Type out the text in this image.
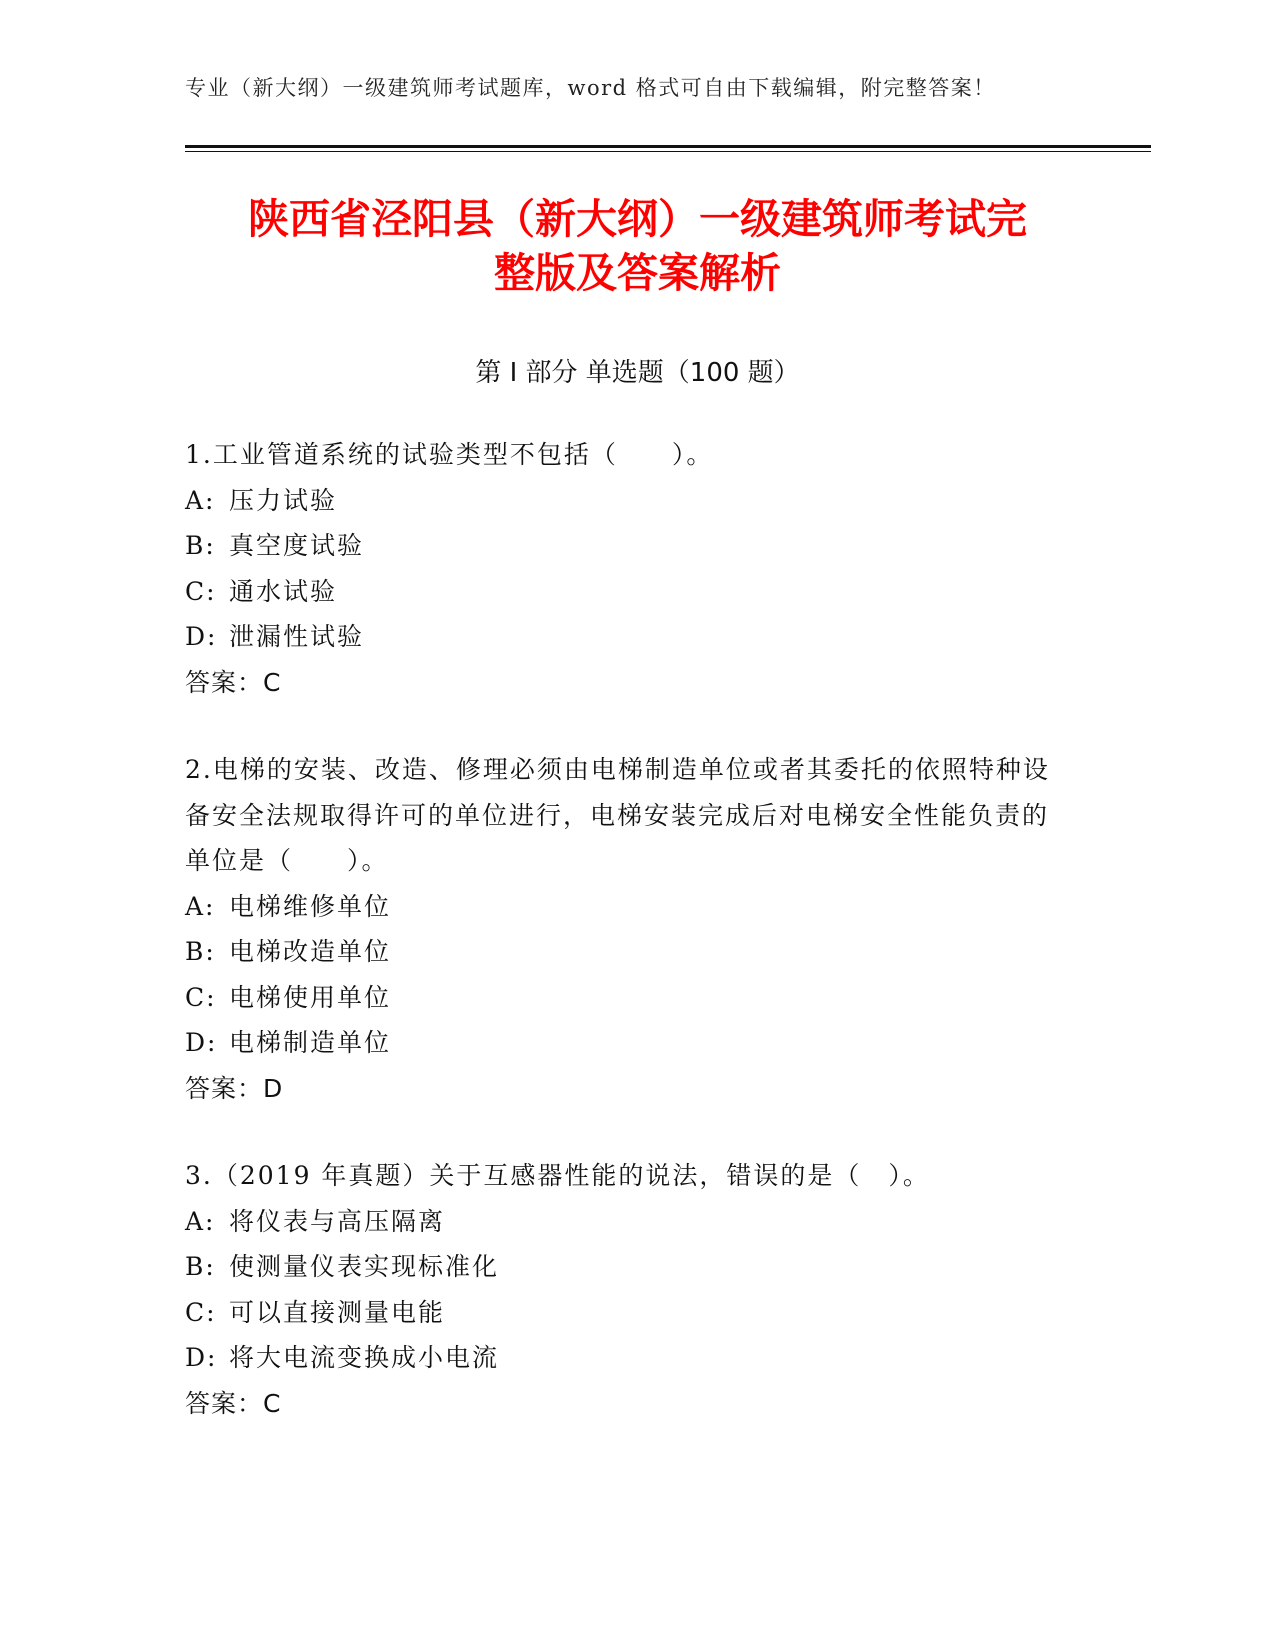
专业（新大纲）一级建筑师考试题库，word 格式可自由下载编辑，附完整答案！
陕西省泾阳县（新大纲）一级建筑师考试完
整版及答案解析
第 I 部分 单选题（100 题）
1.工业管道系统的试验类型不包括（　　）。
A: 压力试验
B: 真空度试验
C: 通水试验
D: 泄漏性试验
答案：C
2.电梯的安装、改造、修理必须由电梯制造单位或者其委托的依照特种设备安全法规取得许可的单位进行，电梯安装完成后对电梯安全性能负责的单位是（　　）。
A: 电梯维修单位
B: 电梯改造单位
C: 电梯使用单位
D: 电梯制造单位
答案：D
3.（2019 年真题）关于互感器性能的说法，错误的是（　）。
A: 将仪表与高压隔离
B: 使测量仪表实现标准化
C: 可以直接测量电能
D: 将大电流变换成小电流
答案：C
